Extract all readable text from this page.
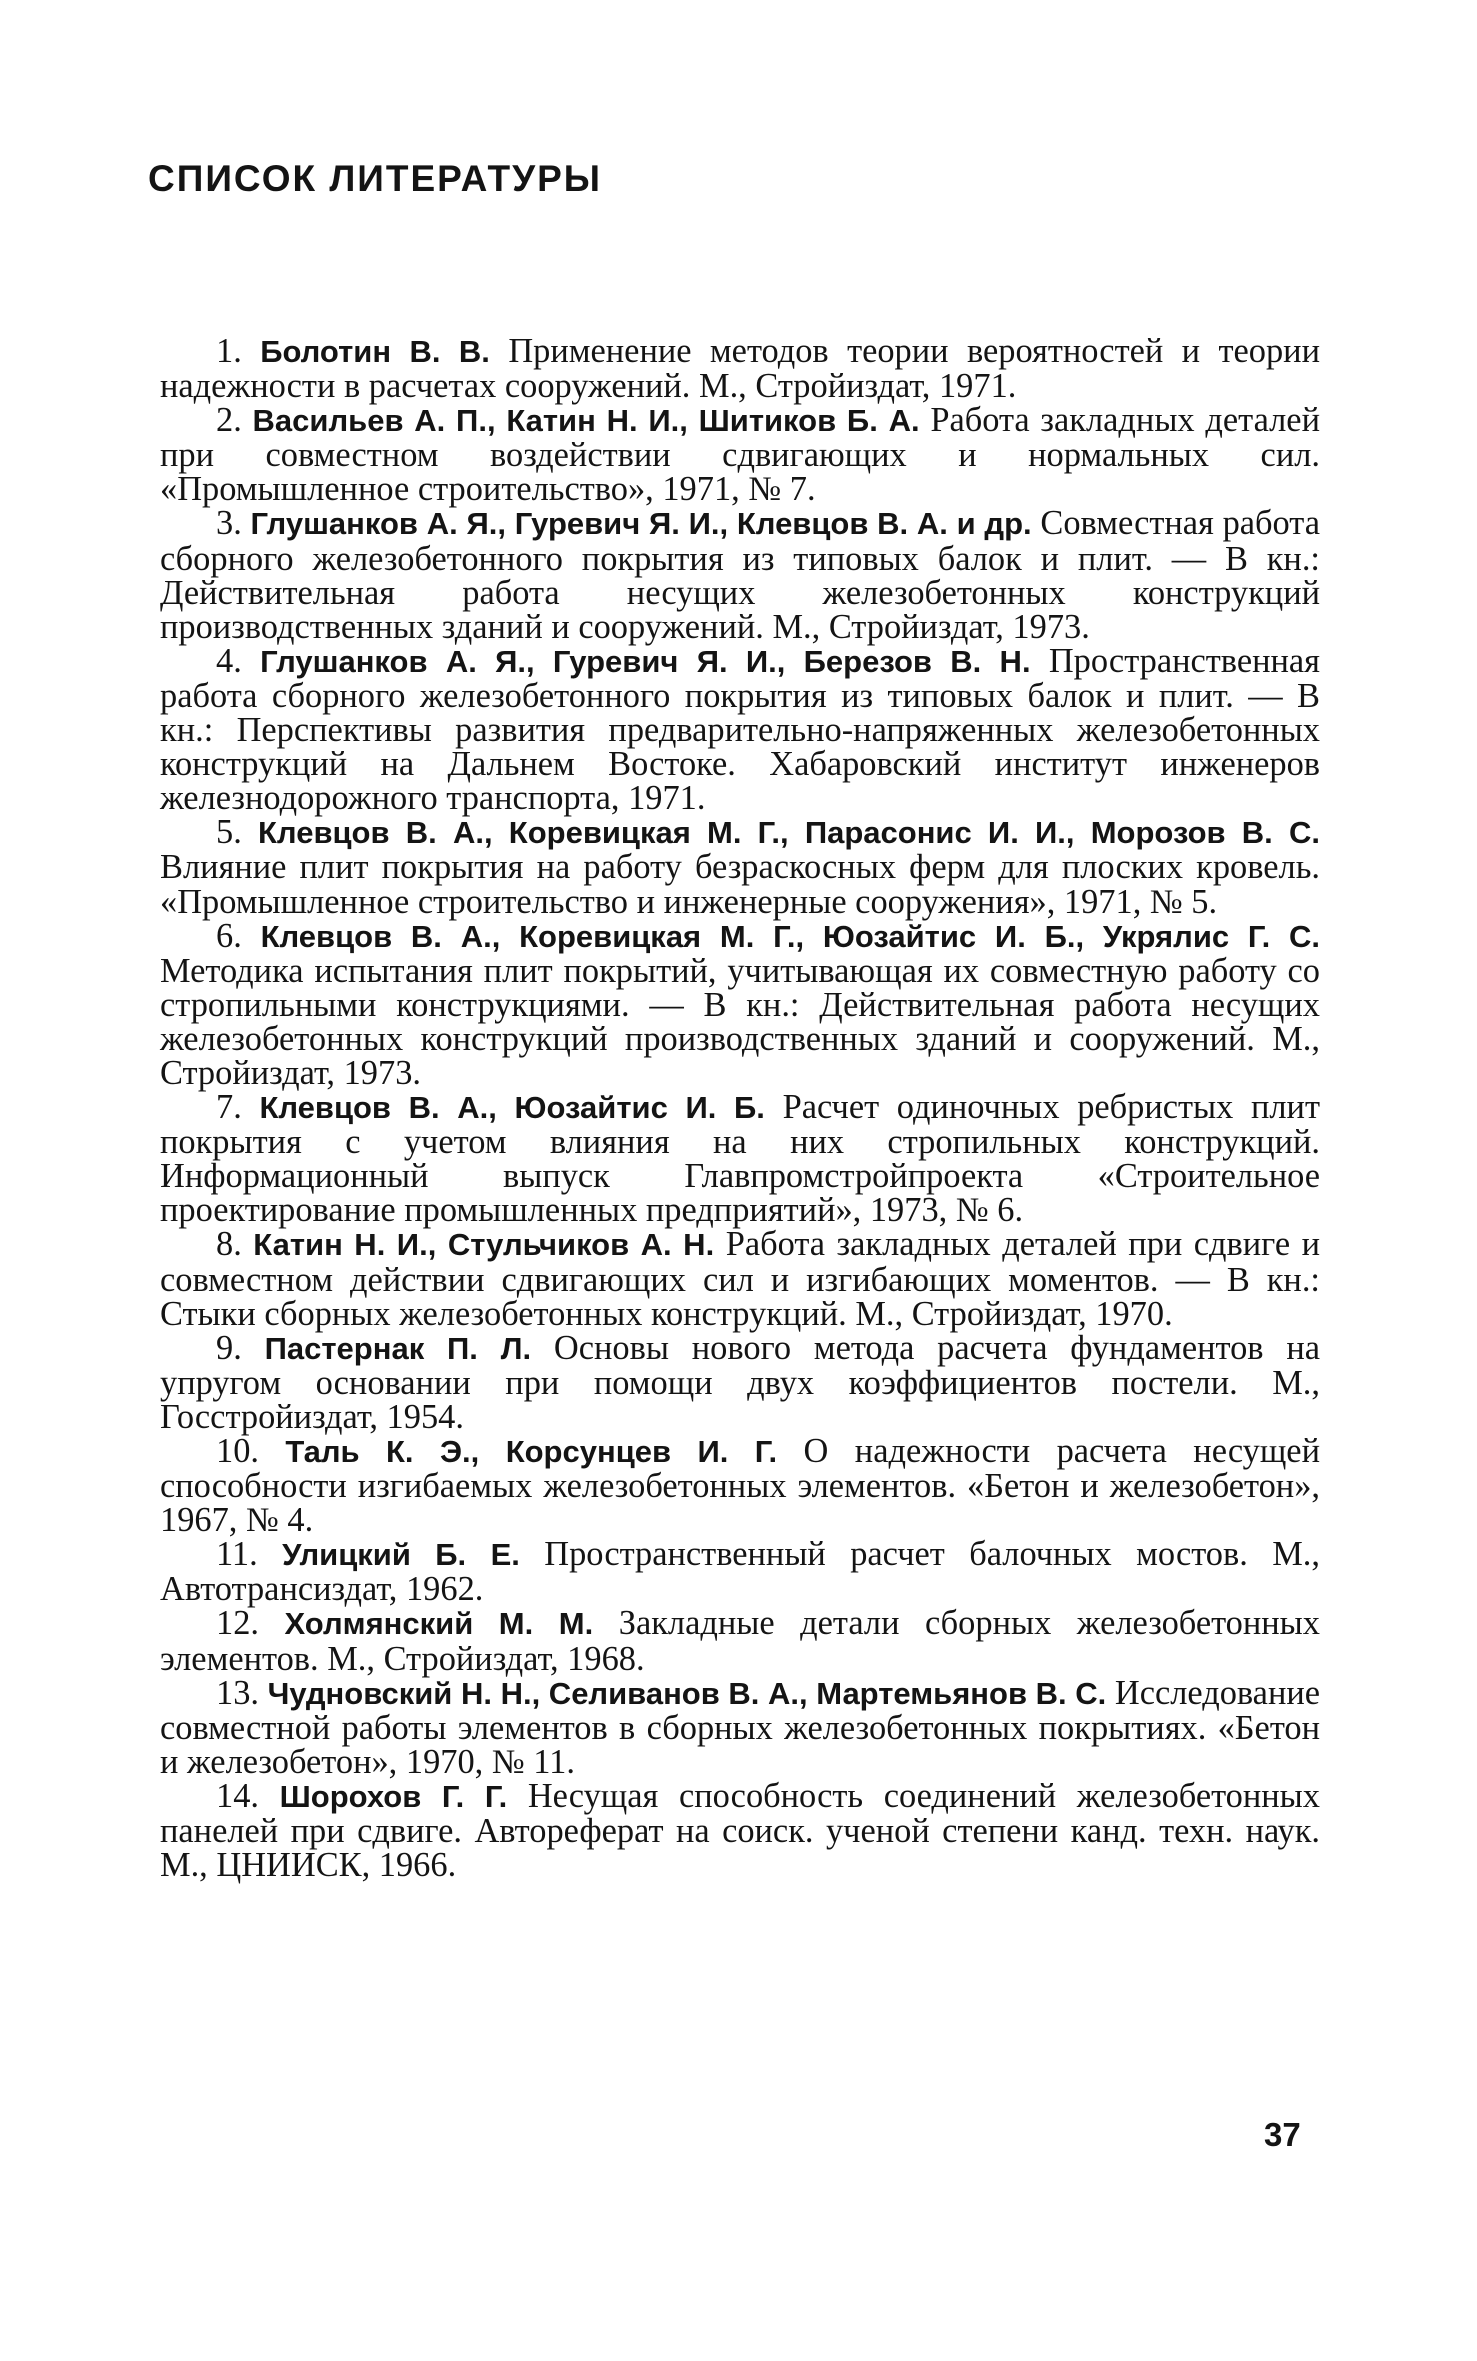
СПИСОК ЛИТЕРАТУРЫ

1. Болотин В. В. Применение методов теории вероятностей и теории надежности в расчетах сооружений. М., Стройиздат, 1971.

2. Васильев А. П., Катин Н. И., Шитиков Б. А. Работа закладных деталей при совместном воздействии сдвигающих и нормальных сил. «Промышленное строительство», 1971, № 7.

3. Глушанков А. Я., Гуревич Я. И., Клевцов В. А. и др. Совместная работа сборного железобетонного покрытия из типовых балок и плит. — В кн.: Действительная работа несущих железобетонных конструкций производственных зданий и сооружений. М., Стройиздат, 1973.

4. Глушанков А. Я., Гуревич Я. И., Березов В. Н. Пространственная работа сборного железобетонного покрытия из типовых балок и плит. — В кн.: Перспективы развития предварительно-напряженных железобетонных конструкций на Дальнем Востоке. Хабаровский институт инженеров железнодорожного транспорта, 1971.

5. Клевцов В. А., Коревицкая М. Г., Парасонис И. И., Морозов В. С. Влияние плит покрытия на работу безраскосных ферм для плоских кровель. «Промышленное строительство и инженерные сооружения», 1971, № 5.

6. Клевцов В. А., Коревицкая М. Г., Юозайтис И. Б., Укрялис Г. С. Методика испытания плит покрытий, учитывающая их совместную работу со стропильными конструкциями. — В кн.: Действительная работа несущих железобетонных конструкций производственных зданий и сооружений. М., Стройиздат, 1973.

7. Клевцов В. А., Юозайтис И. Б. Расчет одиночных ребристых плит покрытия с учетом влияния на них стропильных конструкций. Информационный выпуск Главпромстройпроекта «Строительное проектирование промышленных предприятий», 1973, № 6.

8. Катин Н. И., Стульчиков А. Н. Работа закладных деталей при сдвиге и совместном действии сдвигающих сил и изгибающих моментов. — В кн.: Стыки сборных железобетонных конструкций. М., Стройиздат, 1970.

9. Пастернак П. Л. Основы нового метода расчета фундаментов на упругом основании при помощи двух коэффициентов постели. М., Госстройиздат, 1954.

10. Таль К. Э., Корсунцев И. Г. О надежности расчета несущей способности изгибаемых железобетонных элементов. «Бетон и железобетон», 1967, № 4.

11. Улицкий Б. Е. Пространственный расчет балочных мостов. М., Автотрансиздат, 1962.

12. Холмянский М. М. Закладные детали сборных железобетонных элементов. М., Стройиздат, 1968.

13. Чудновский Н. Н., Селиванов В. А., Мартемьянов В. С. Исследование совместной работы элементов в сборных железобетонных покрытиях. «Бетон и железобетон», 1970, № 11.

14. Шорохов Г. Г. Несущая способность соединений железобетонных панелей при сдвиге. Автореферат на соиск. ученой степени канд. техн. наук. М., ЦНИИСК, 1966.

37
